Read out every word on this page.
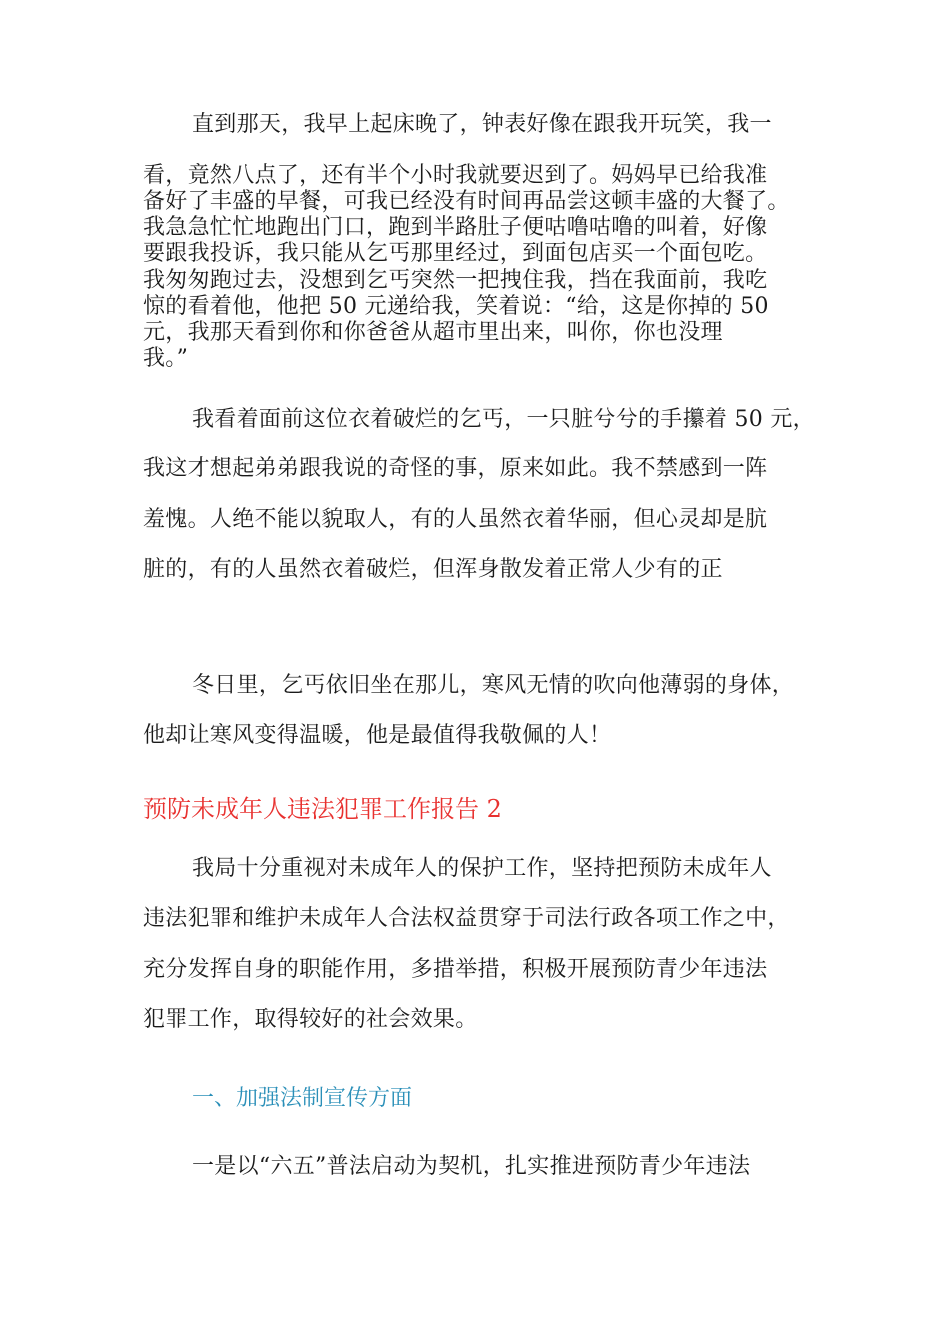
直到那天，我早上起床晚了，钟表好像在跟我开玩笑，我一
看，竟然八点了，还有半个小时我就要迟到了。妈妈早已给我准
备好了丰盛的早餐，可我已经没有时间再品尝这顿丰盛的大餐了。
我急急忙忙地跑出门口，跑到半路肚子便咕噜咕噜的叫着，好像
要跟我投诉，我只能从乞丐那里经过，到面包店买一个面包吃。
我匆匆跑过去，没想到乞丐突然一把拽住我，挡在我面前，我吃
惊的看着他，他把 50 元递给我，笑着说：“给，这是你掉的 50
元，我那天看到你和你爸爸从超市里出来，叫你，你也没理
我。”
我看着面前这位衣着破烂的乞丐，一只脏兮兮的手攥着 50 元，
我这才想起弟弟跟我说的奇怪的事，原来如此。我不禁感到一阵
羞愧。人绝不能以貌取人，有的人虽然衣着华丽，但心灵却是肮
脏的，有的人虽然衣着破烂，但浑身散发着正常人少有的正
冬日里，乞丐依旧坐在那儿，寒风无情的吹向他薄弱的身体，
他却让寒风变得温暖，他是最值得我敬佩的人！
预防未成年人违法犯罪工作报告 2
我局十分重视对未成年人的保护工作，坚持把预防未成年人
违法犯罪和维护未成年人合法权益贯穿于司法行政各项工作之中，
充分发挥自身的职能作用，多措举措，积极开展预防青少年违法
犯罪工作，取得较好的社会效果。
一、加强法制宣传方面
一是以“六五”普法启动为契机，扎实推进预防青少年违法
